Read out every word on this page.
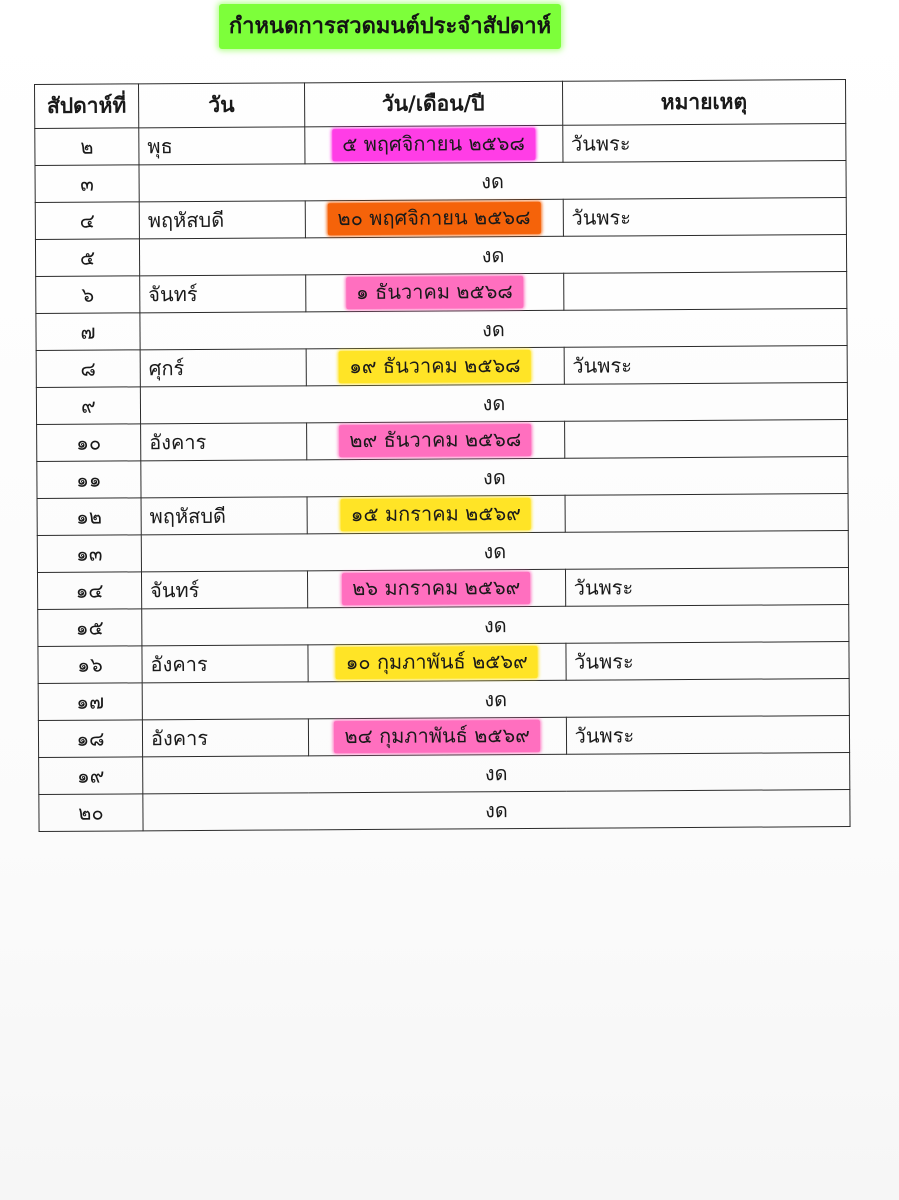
กำหนดการสวดมนต์ประจำสัปดาห์
สัปดาห์ที่	วัน	วัน/เดือน/ปี	หมายเหตุ
๒	พุธ	๕ พฤศจิกายน ๒๕๖๘	วันพระ
๓	งด		
๔	พฤหัสบดี	๒๐ พฤศจิกายน ๒๕๖๘	วันพระ
๕	งด		
๖	จันทร์	๑ ธันวาคม ๒๕๖๘	
๗	งด		
๘	ศุกร์	๑๙ ธันวาคม ๒๕๖๘	วันพระ
๙	งด		
๑๐	อังคาร	๒๙ ธันวาคม ๒๕๖๘	
๑๑	งด		
๑๒	พฤหัสบดี	๑๕ มกราคม ๒๕๖๙	
๑๓	งด		
๑๔	จันทร์	๒๖ มกราคม ๒๕๖๙	วันพระ
๑๕	งด		
๑๖	อังคาร	๑๐ กุมภาพันธ์ ๒๕๖๙	วันพระ
๑๗	งด		
๑๘	อังคาร	๒๔ กุมภาพันธ์ ๒๕๖๙	วันพระ
๑๙	งด		
๒๐	งด		
